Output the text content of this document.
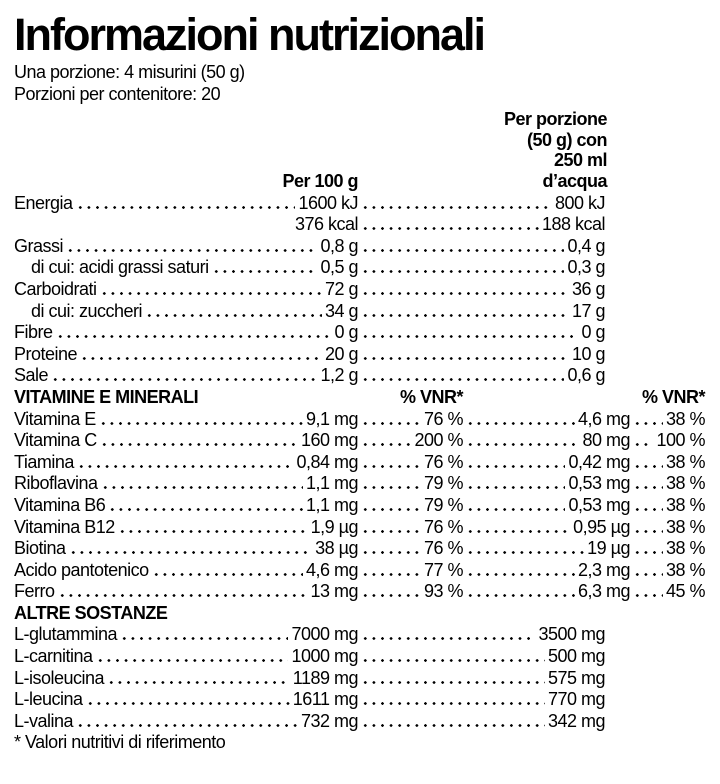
Informazioni nutrizionali
Una porzione: 4 misurini (50 g)
Porzioni per contenitore: 20
Per porzione
(50 g) con
250 ml
d’acqua
Per 100 g
Energia	1600 kJ	800 kJ
376 kcal	188 kcal
Grassi	0,8 g	0,4 g
di cui: acidi grassi saturi	0,5 g	0,3 g
Carboidrati	72 g	36 g
di cui: zuccheri	34 g	17 g
Fibre	0 g	0 g
Proteine	20 g	10 g
Sale	1,2 g	0,6 g
VITAMINE E MINERALI	% VNR*	% VNR*
Vitamina E	9,1 mg	76 %	4,6 mg 38 %
Vitamina C	160 mg	200 %	80 mg 100 %
Tiamina	0,84 mg	76 %	0,42 mg 38 %
Riboflavina	1,1 mg	79 %	0,53 mg 38 %
Vitamina B6	1,1 mg	79 %	0,53 mg 38 %
Vitamina B12	1,9 µg	76 %	0,95 µg 38 %
Biotina	38 µg	76 %	19 µg 38 %
Acido pantotenico	4,6 mg	77 %	2,3 mg 38 %
Ferro	13 mg	93 %	6,3 mg 45 %
ALTRE SOSTANZE
L-glutammina	7000 mg	3500 mg
L-carnitina	1000 mg	500 mg
L-isoleucina	1189 mg	575 mg
L-leucina	1611 mg	770 mg
L-valina	732 mg	342 mg
* Valori nutritivi di riferimento
